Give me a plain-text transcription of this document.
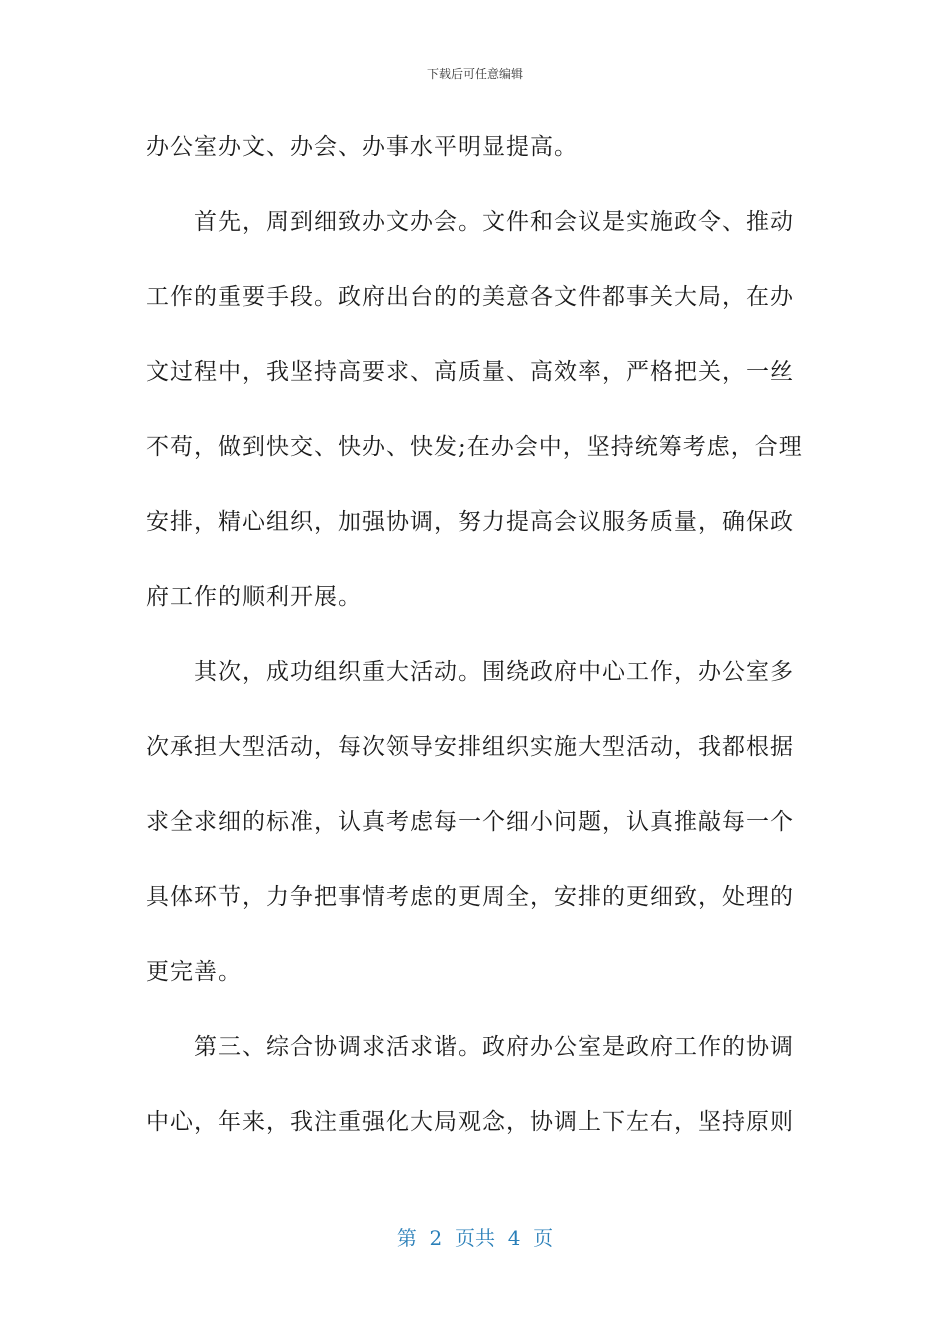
下载后可任意编辑
办公室办文、办会、办事水平明显提高。
首先，周到细致办文办会。文件和会议是实施政令、推动
工作的重要手段。政府出台的的美意各文件都事关大局，在办
文过程中，我坚持高要求、高质量、高效率，严格把关，一丝
不苟，做到快交、快办、快发;在办会中，坚持统筹考虑，合理
安排，精心组织，加强协调，努力提高会议服务质量，确保政
府工作的顺利开展。
其次，成功组织重大活动。围绕政府中心工作，办公室多
次承担大型活动，每次领导安排组织实施大型活动，我都根据
求全求细的标准，认真考虑每一个细小问题，认真推敲每一个
具体环节，力争把事情考虑的更周全，安排的更细致，处理的
更完善。
第三、综合协调求活求谐。政府办公室是政府工作的协调
中心，年来，我注重强化大局观念，协调上下左右，坚持原则
第  2  页共  4  页
